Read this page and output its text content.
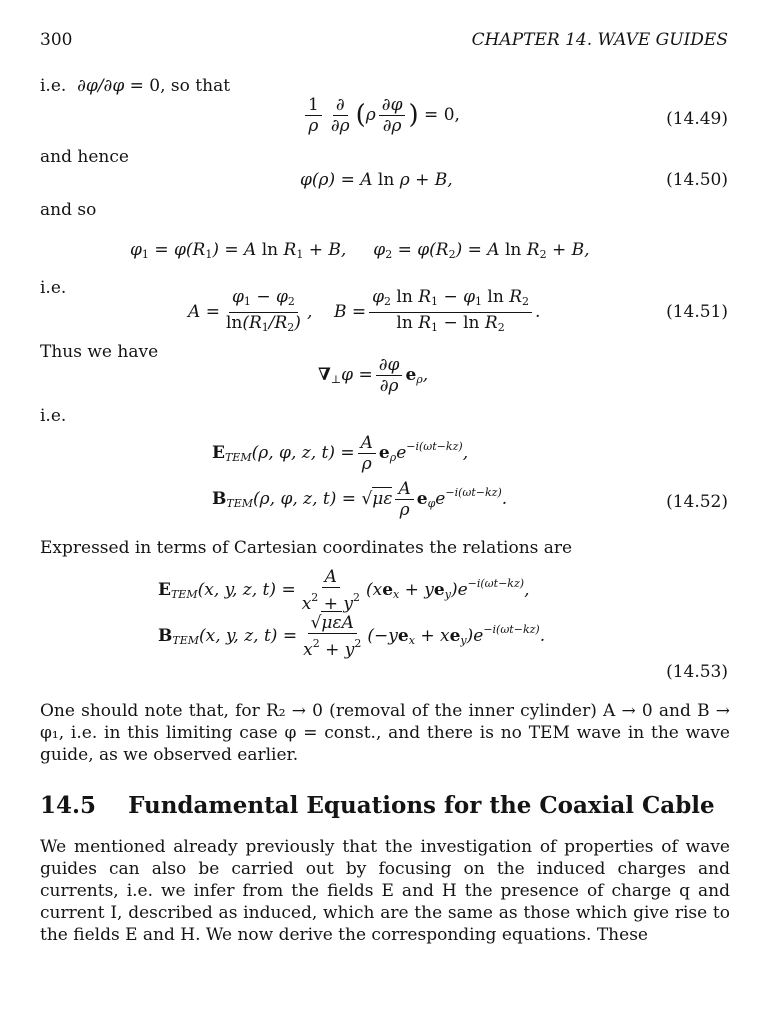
300	CHAPTER 14. WAVE GUIDES
i.e.  ∂φ/∂φ = 0, so that
$\frac{1}{\rho} \frac{\partial}{\partial\rho} (\rho \frac{\partial\varphi}{\partial\rho}$ ) = 0,	(14.49)
and hence
φ(ρ) = A ln ρ + B,	(14.50)
and so
$\varphi_1 = \varphi(R_1) = A$ $\ln R_1 + B$,     $\varphi_2 = \varphi(R_2) = A$ $\ln R_2 + B$,
i.e.
$A = \frac{\varphi_1 - \varphi_2}{\ln(R_1/R_2)}$ ,    $B = \frac{\varphi_2 \ln R_1 - \varphi_1 \ln R_2}{\ln R_1 - \ln R_2}$ .	(14.51)
Thus we have
$\nabla_\perp\varphi = \frac{\partial\varphi}{\partial\rho} e_\rho$,
i.e.
$E_{TEM}(\rho$, φ, z, $t) = \frac{A}{\rho} e_\rho e^{-i(\omega t-kz)}$,
$B_{TEM}(\rho$, φ, z, $t) = √\mu\varepsilon \frac{A}{\rho} e_\varphi e^{-i(\omega t-kz)}$.	(14.52)
Expressed in terms of Cartesian coordinates the relations are
$E_{TEM}(x$, y, z, $t) = \frac{A}{x^2 + y^2} (xe_x + ye_y)e^{-i(\omega t-kz)}$,
$B_{TEM}(x$, y, z, $t) = \frac{\text{√μεA}}{x^2 + y^2} (-ye_x + xe_y)e^{-i(\omega t-kz)}$.
(14.53)
One should note that, for R₂ → 0 (removal of the inner cylinder) A → 0 and B → φ₁, i.e. in this limiting case φ = const., and there is no TEM wave in the wave guide, as we observed earlier.
14.5 Fundamental Equations for the Coaxial Cable
We mentioned already previously that the investigation of properties of wave guides can also be carried out by focusing on the induced charges and currents, i.e. we infer from the fields E and H the presence of charge q and current I, described as induced, which are the same as those which give rise to the fields E and H. We now derive the corresponding equations. These
